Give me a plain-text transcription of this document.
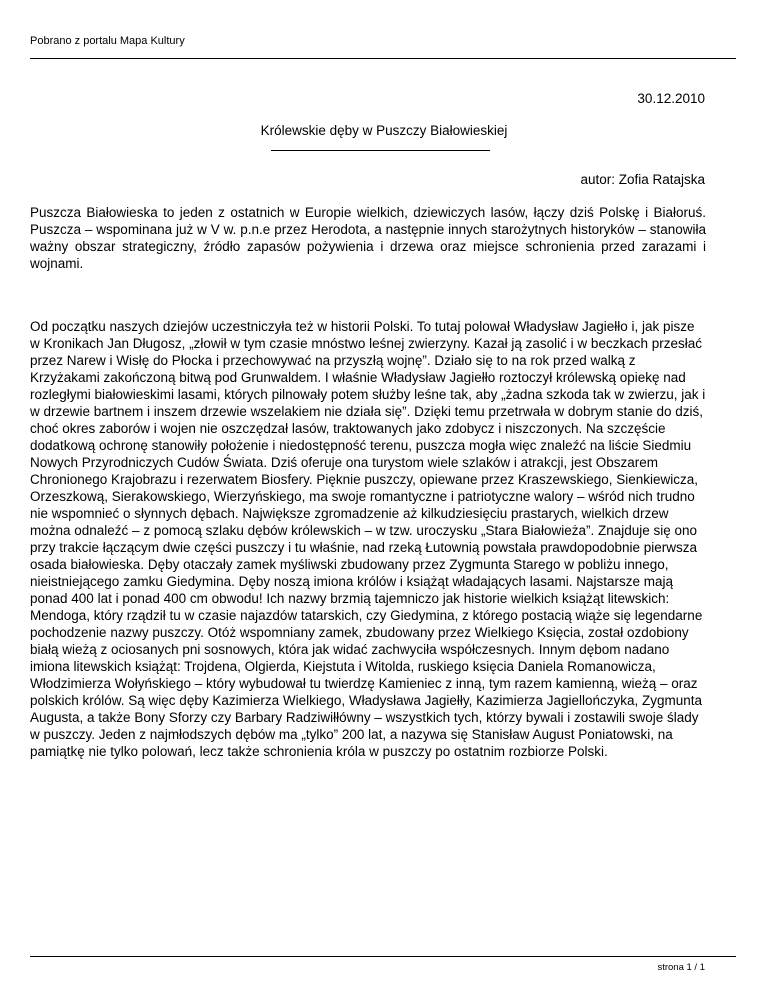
Pobrano z portalu Mapa Kultury
30.12.2010
Królewskie dęby w Puszczy Białowieskiej
autor: Zofia Ratajska

Puszcza Białowieska to jeden z ostatnich w Europie wielkich, dziewiczych lasów, łączy dziś Polskę i Białoruś. Puszcza – wspominana już w V w. p.n.e przez Herodota, a następnie innych starożytnych historyków – stanowiła ważny obszar strategiczny, źródło zapasów pożywienia i drzewa oraz miejsce schronienia przed zarazami i wojnami.

Od początku naszych dziejów uczestniczyła też w historii Polski. To tutaj polował Władysław Jagiełło i, jak pisze w Kronikach Jan Długosz, „złowił w tym czasie mnóstwo leśnej zwierzyny. Kazał ją zasolić i w beczkach przesłać przez Narew i Wisłę do Płocka i przechowywać na przyszłą wojnę”. Działo się to na rok przed walką z Krzyżakami zakończoną bitwą pod Grunwaldem. I właśnie Władysław Jagiełło roztoczył królewską opiekę nad rozległymi białowieskimi lasami, których pilnowały potem służby leśne tak, aby „żadna szkoda tak w zwierzu, jak i w drzewie bartnem i inszem drzewie wszelakiem nie działa się”. Dzięki temu przetrwała w dobrym stanie do dziś, choć okres zaborów i wojen nie oszczędzał lasów, traktowanych jako zdobycz i niszczonych. Na szczęście dodatkową ochronę stanowiły położenie i niedostępność terenu, puszcza mogła więc znaleźć na liście Siedmiu Nowych Przyrodniczych Cudów Świata. Dziś oferuje ona turystom wiele szlaków i atrakcji, jest Obszarem Chronionego Krajobrazu i rezerwatem Biosfery. Pięknie puszczy, opiewane przez Kraszewskiego, Sienkiewicza, Orzeszkową, Sierakowskiego, Wierzyńskiego, ma swoje romantyczne i patriotyczne walory – wśród nich trudno nie wspomnieć o słynnych dębach. Największe zgromadzenie aż kilkudziesięciu prastarych, wielkich drzew można odnaleźć – z pomocą szlaku dębów królewskich – w tzw. uroczysku „Stara Białowieża”. Znajduje się ono przy trakcie łączącym dwie części puszczy i tu właśnie, nad rzeką Łutownią powstała prawdopodobnie pierwsza osada białowieska. Dęby otaczały zamek myśliwski zbudowany przez Zygmunta Starego w pobliżu innego, nieistniejącego zamku Giedymina. Dęby noszą imiona królów i książąt władających lasami. Najstarsze mają ponad 400 lat i ponad 400 cm obwodu! Ich nazwy brzmią tajemniczo jak historie wielkich książąt litewskich: Mendoga, który rządził tu w czasie najazdów tatarskich, czy Giedymina, z którego postacią wiąże się legendarne pochodzenie nazwy puszczy. Otóż wspomniany zamek, zbudowany przez Wielkiego Księcia, został ozdobiony białą wieżą z ociosanych pni sosnowych, która jak widać zachwyciła współczesnych. Innym dębom nadano imiona litewskich książąt: Trojdena, Olgierda, Kiejstuta i Witolda, ruskiego księcia Daniela Romanowicza, Włodzimierza Wołyńskiego – który wybudował tu twierdzę Kamieniec z inną, tym razem kamienną, wieżą – oraz polskich królów. Są więc dęby Kazimierza Wielkiego, Władysława Jagiełły, Kazimierza Jagiellończyka, Zygmunta Augusta, a także Bony Sforzy czy Barbary Radziwiłłówny – wszystkich tych, którzy bywali i zostawili swoje ślady w puszczy. Jeden z najmłodszych dębów ma „tylko” 200 lat, a nazywa się Stanisław August Poniatowski, na pamiątkę nie tylko polowań, lecz także schronienia króla w puszczy po ostatnim rozbiorze Polski.

strona 1 / 1
